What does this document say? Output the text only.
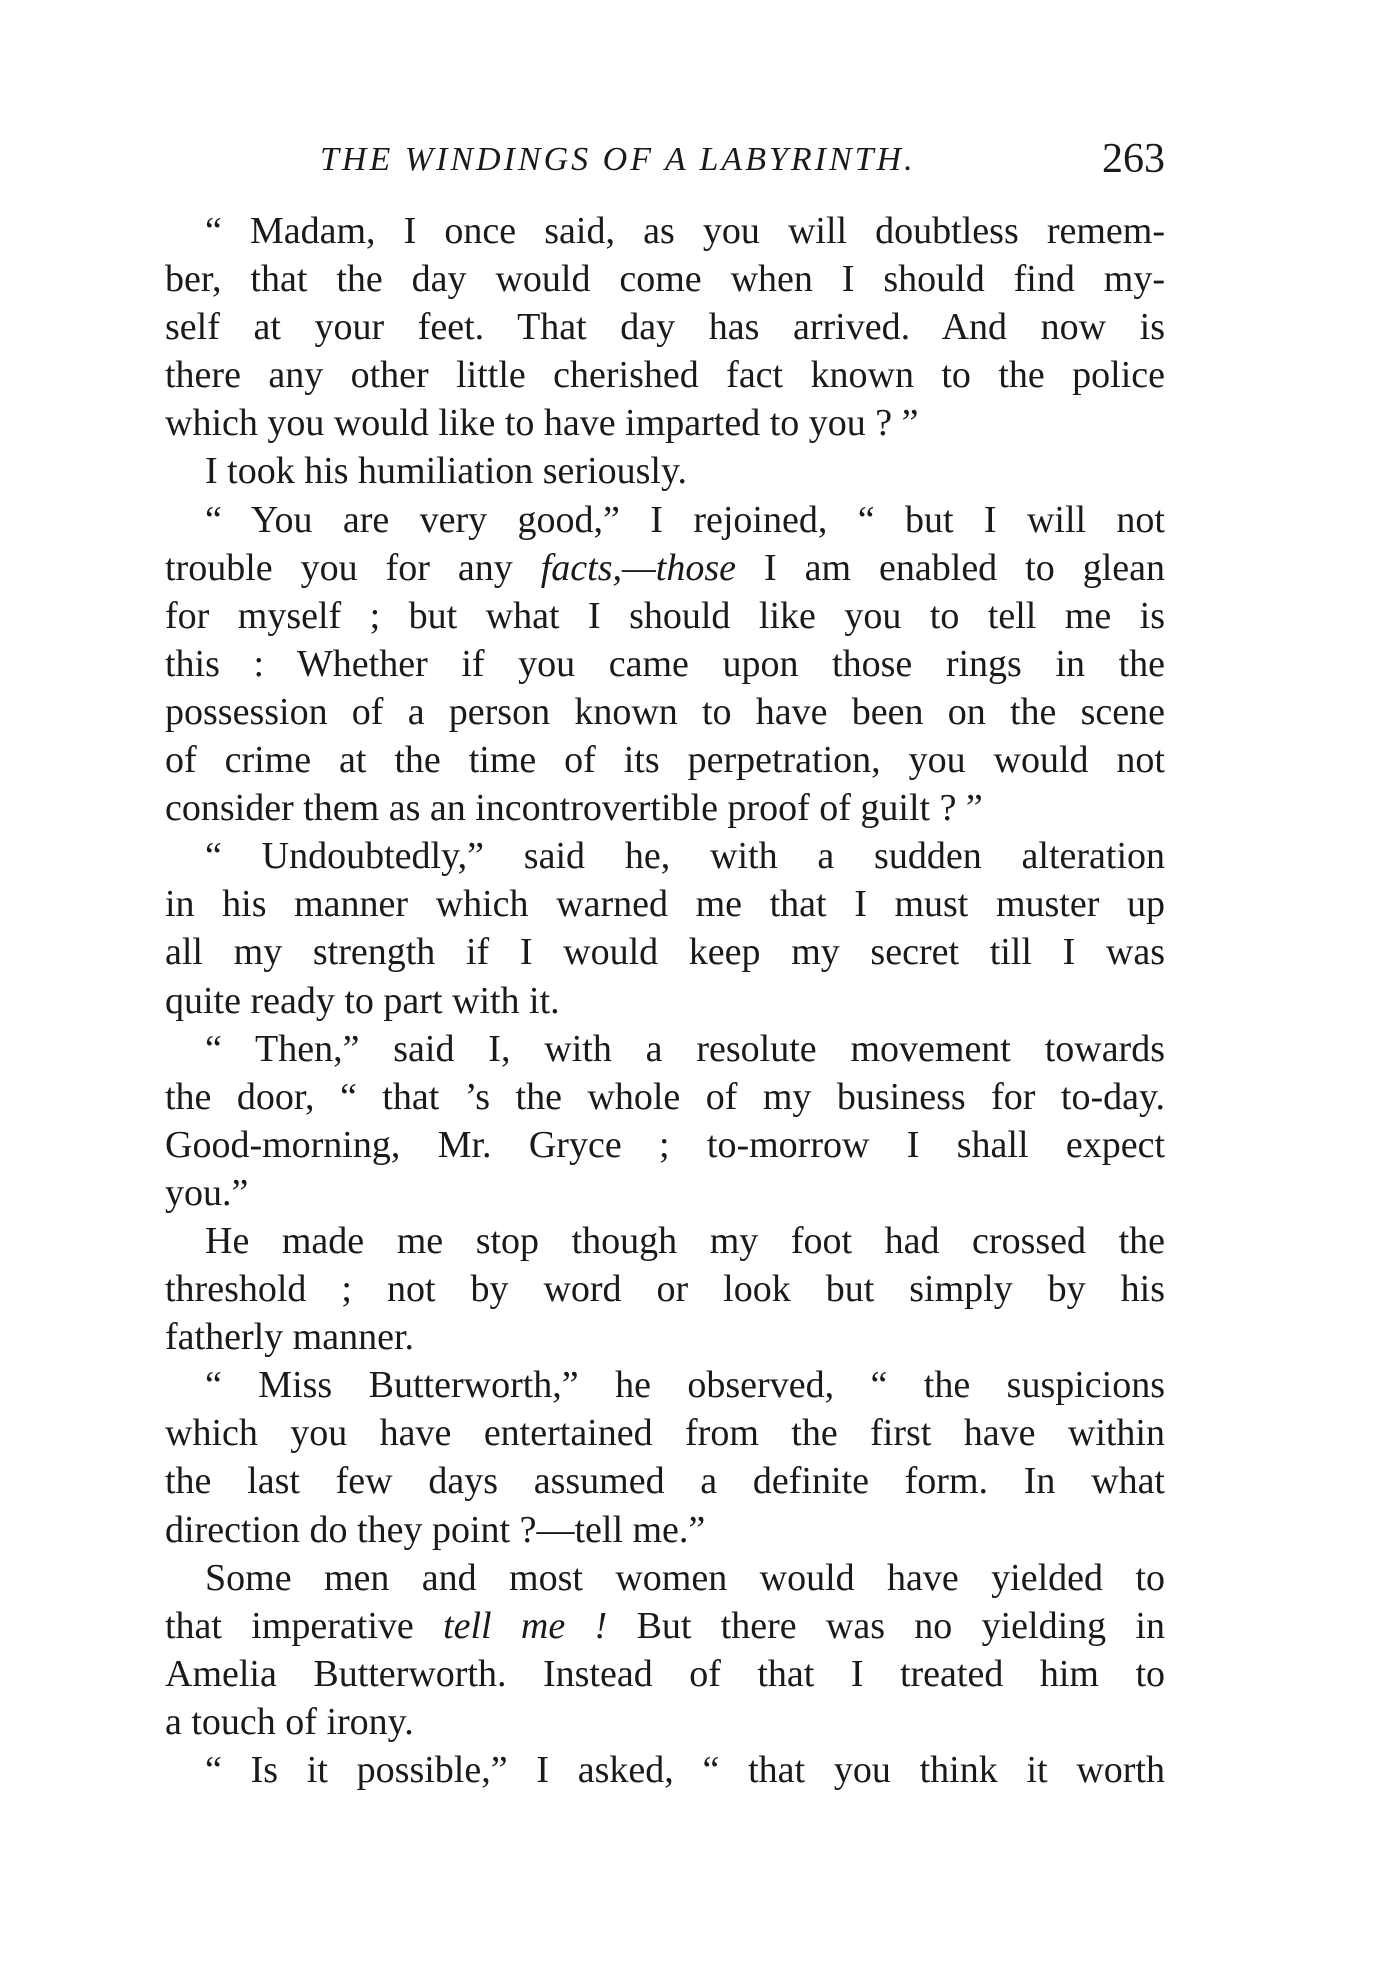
THE WINDINGS OF A LABYRINTH.	263
“ Madam, I once said, as you will doubtless remem-
ber, that the day would come when I should find my-
self at your feet. That day has arrived. And now is
there any other little cherished fact known to the police
which you would like to have imparted to you ? ”
I took his humiliation seriously.
“ You are very good,” I rejoined, “ but I will not
trouble you for any facts,—those I am enabled to glean
for myself ; but what I should like you to tell me is
this : Whether if you came upon those rings in the
possession of a person known to have been on the scene
of crime at the time of its perpetration, you would not
consider them as an incontrovertible proof of guilt ? ”
“ Undoubtedly,” said he, with a sudden alteration
in his manner which warned me that I must muster up
all my strength if I would keep my secret till I was
quite ready to part with it.
“ Then,” said I, with a resolute movement towards
the door, “ that ’s the whole of my business for to-day.
Good-morning, Mr. Gryce ; to-morrow I shall expect
you.”
He made me stop though my foot had crossed the
threshold ; not by word or look but simply by his
fatherly manner.
“ Miss Butterworth,” he observed, “ the suspicions
which you have entertained from the first have within
the last few days assumed a definite form. In what
direction do they point ?—tell me.”
Some men and most women would have yielded to
that imperative tell me ! But there was no yielding in
Amelia Butterworth. Instead of that I treated him to
a touch of irony.
“ Is it possible,” I asked, “ that you think it worth
